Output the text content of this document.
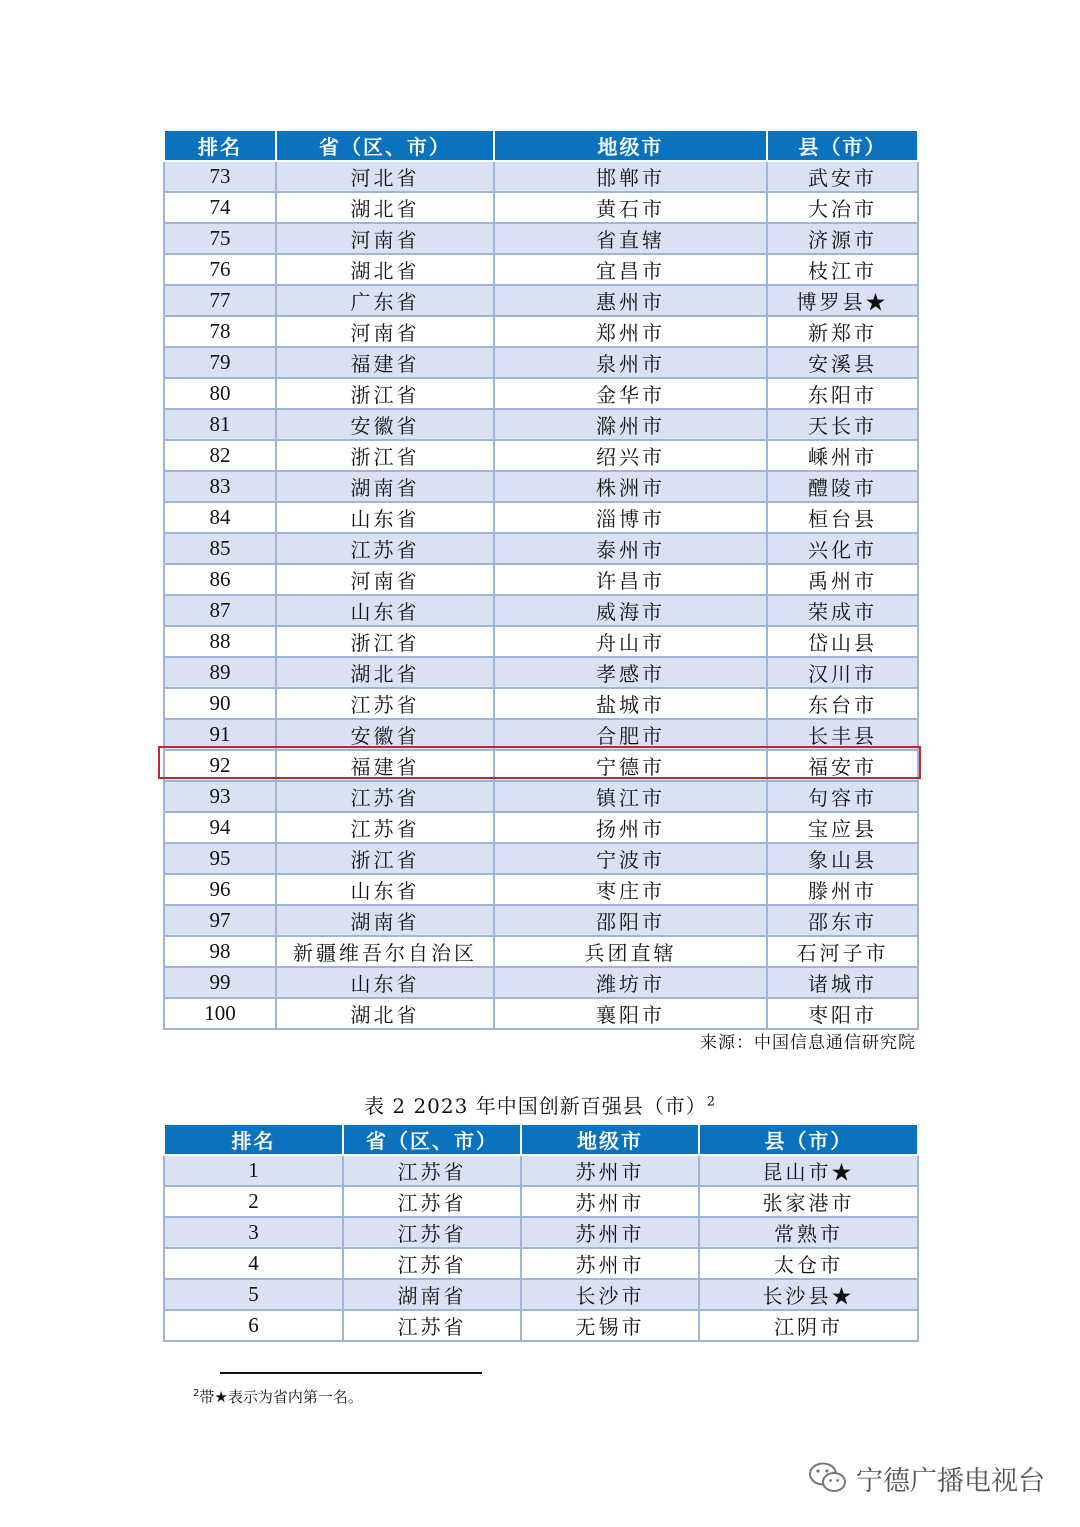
排名	省（区、市）	地级市	县（市）
73	河北省	邯郸市	武安市
74	湖北省	黄石市	大冶市
75	河南省	省直辖	济源市
76	湖北省	宜昌市	枝江市
77	广东省	惠州市	博罗县★
78	河南省	郑州市	新郑市
79	福建省	泉州市	安溪县
80	浙江省	金华市	东阳市
81	安徽省	滁州市	天长市
82	浙江省	绍兴市	嵊州市
83	湖南省	株洲市	醴陵市
84	山东省	淄博市	桓台县
85	江苏省	泰州市	兴化市
86	河南省	许昌市	禹州市
87	山东省	威海市	荣成市
88	浙江省	舟山市	岱山县
89	湖北省	孝感市	汉川市
90	江苏省	盐城市	东台市
91	安徽省	合肥市	长丰县
92	福建省	宁德市	福安市
93	江苏省	镇江市	句容市
94	江苏省	扬州市	宝应县
95	浙江省	宁波市	象山县
96	山东省	枣庄市	滕州市
97	湖南省	邵阳市	邵东市
98	新疆维吾尔自治区	兵团直辖	石河子市
99	山东省	潍坊市	诸城市
100	湖北省	襄阳市	枣阳市
来源：中国信息通信研究院
表 2 2023 年中国创新百强县（市）$^2$
排名	省（区、市）	地级市	县（市）
1	江苏省	苏州市	昆山市★
2	江苏省	苏州市	张家港市
3	江苏省	苏州市	常熟市
4	江苏省	苏州市	太仓市
5	湖南省	长沙市	长沙县★
6	江苏省	无锡市	江阴市
$^2$带★表示为省内第一名。
宁德广播电视台
